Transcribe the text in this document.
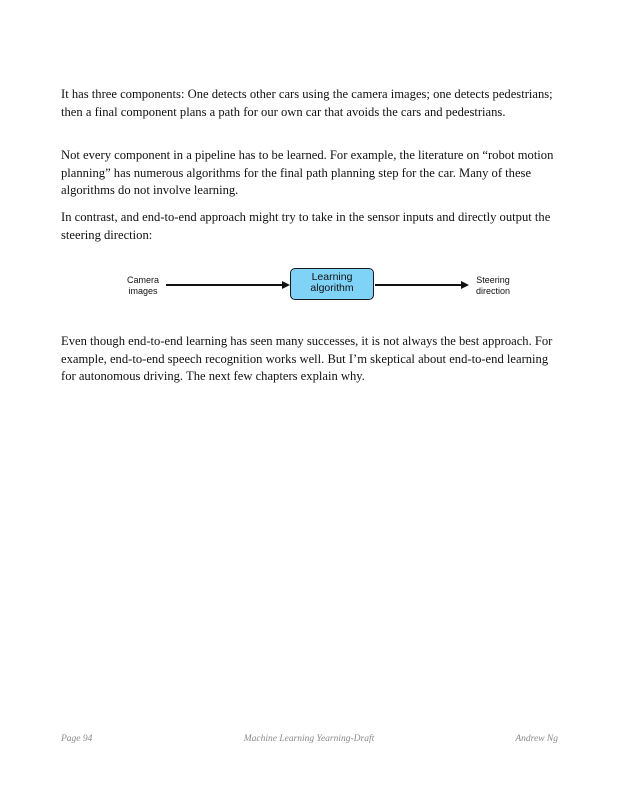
It has three components: One detects other cars using the camera images; one detects pedestrians; then a final component plans a path for our own car that avoids the cars and pedestrians.

Not every component in a pipeline has to be learned. For example, the literature on “robot motion planning” has numerous algorithms for the final path planning step for the car. Many of these algorithms do not involve learning.

In contrast, and end-to-end approach might try to take in the sensor inputs and directly output the steering direction:

Camera
images
Learning
algorithm
Steering
direction

Even though end-to-end learning has seen many successes, it is not always the best approach. For example, end-to-end speech recognition works well. But I’m skeptical about end-to-end learning for autonomous driving. The next few chapters explain why.

Page 94	Machine Learning Yearning-Draft	Andrew Ng
